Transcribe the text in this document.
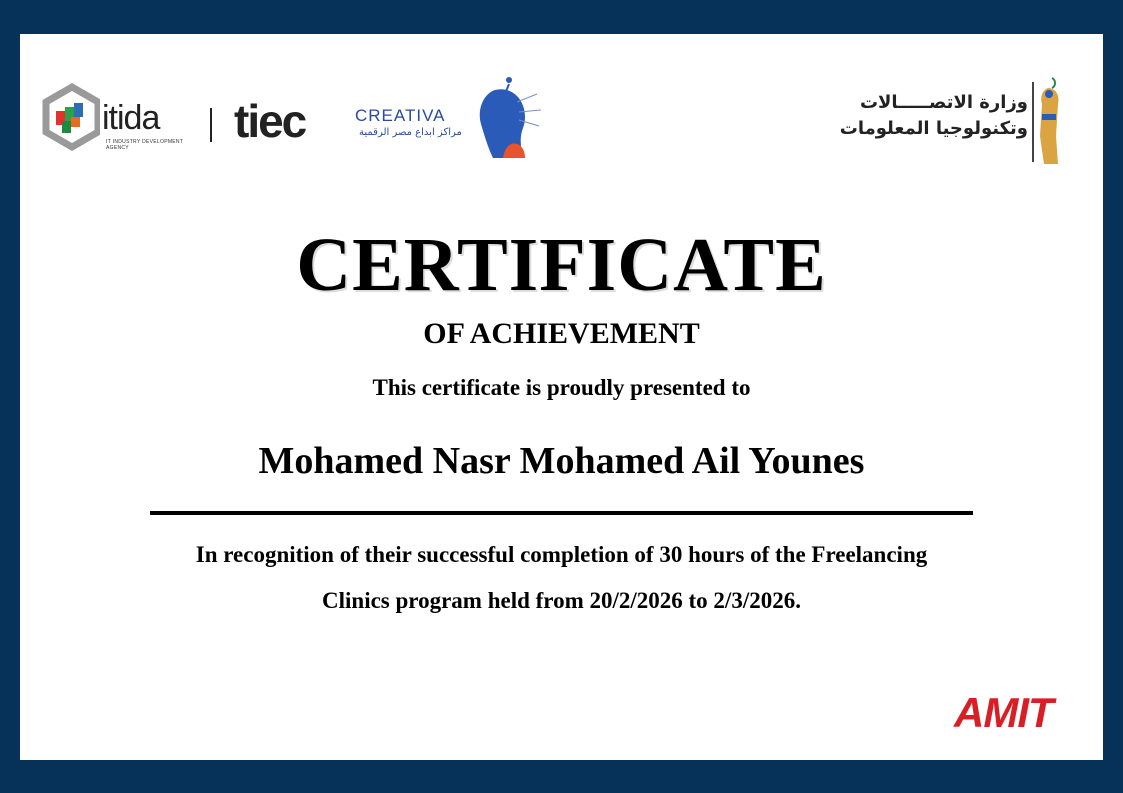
itida
IT INDUSTRY DEVELOPMENT AGENCY
tiec	CREATIVA
مراكز ابداع مصر الرقمية
وزارة الاتصـــــالات
وتكنولوجيا المعلومات
CERTIFICATE
OF ACHIEVEMENT
This certificate is proudly presented to
Mohamed Nasr Mohamed Ail Younes
In recognition of their successful completion of 30 hours of the Freelancing
Clinics program held from 20/2/2026 to 2/3/2026.
AMIT
